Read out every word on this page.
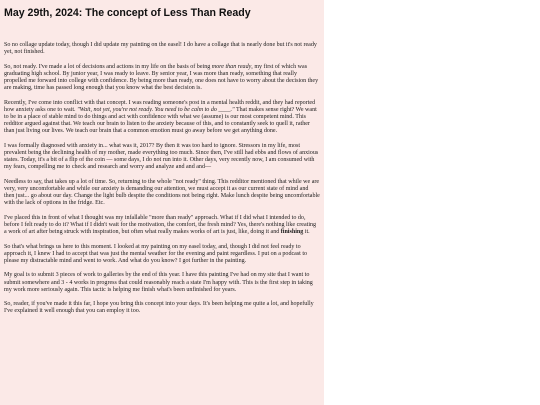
May 29th, 2024: The concept of Less Than Ready

So no collage update today, though I did update my painting on the easel! I do have a collage that is nearly done but it's not ready yet, not finished.

So, not ready. I've made a lot of decisions and actions in my life on the basis of being more than ready, my first of which was graduating high school. By junior year, I was ready to leave. By senior year, I was more than ready, something that really propelled me forward into college with confidence. By being more than ready, one does not have to worry about the decision they are making, time has passed long enough that you know what the best decision is.

Recently, I've come into conflict with that concept. I was reading someone's post in a mental health reddit, and they had reported how anxiety asks one to wait. "Wait, not yet, you're not ready. You need to be calm to do ____." That makes sense right? We want to be in a place of stable mind to do things and act with confidence with what we (assume) is our most competent mind. This redditor argued against that. We teach our brain to listen to the anxiety because of this, and to constantly seek to quell it, rather than just living our lives. We teach our brain that a common emotion must go away before we get anything done.

I was formally diagnosed with anxiety in... what was it, 2017? By then it was too hard to ignore. Stressors in my life, most prevalent being the declining health of my mother, made everything too much. Since then, I've still had ebbs and flows of anxious states. Today, it's a bit of a flip of the coin — some days, I do not run into it. Other days, very recently now, I am consumed with my fears, compelling me to check and research and worry and analyze and and and—

Needless to say, that takes up a lot of time. So, returning to the whole "not ready" thing. This redditor mentioned that while we are very, very uncomfortable and while our anxiety is demanding our attention, we must accept it as our current state of mind and then just... go about our day. Change the light bulb despite the conditions not being right. Make lunch despite being uncomfortable with the lack of options in the fridge. Etc.

I've placed this in front of what I thought was my infallable "more than ready" approach. What if I did what I intended to do, before I felt ready to do it? What if I didn't wait for the motivation, the comfort, the fresh mind? Yes, there's nothing like creating a work of art after being struck with inspiration, but often what really makes works of art is just, like, doing it and finishing it.

So that's what brings us here to this moment. I looked at my painting on my easel today, and, though I did not feel ready to approach it, I knew I had to accept that was just the mental weather for the evening and paint regardless. I put on a podcast to please my distractable mind and went to work. And what do you know? I got further in the painting.

My goal is to submit 3 pieces of work to galleries by the end of this year. I have this painting I've had on my site that I want to submit somewhere and 3 - 4 works in progress that could reasonably reach a state I'm happy with. This is the first step in taking my work more seriously again. This tactic is helping me finish what's been unfinished for years.

So, reader, if you've made it this far, I hope you bring this concept into your days. It's been helping me quite a lot, and hopefully I've explained it well enough that you can employ it too.
